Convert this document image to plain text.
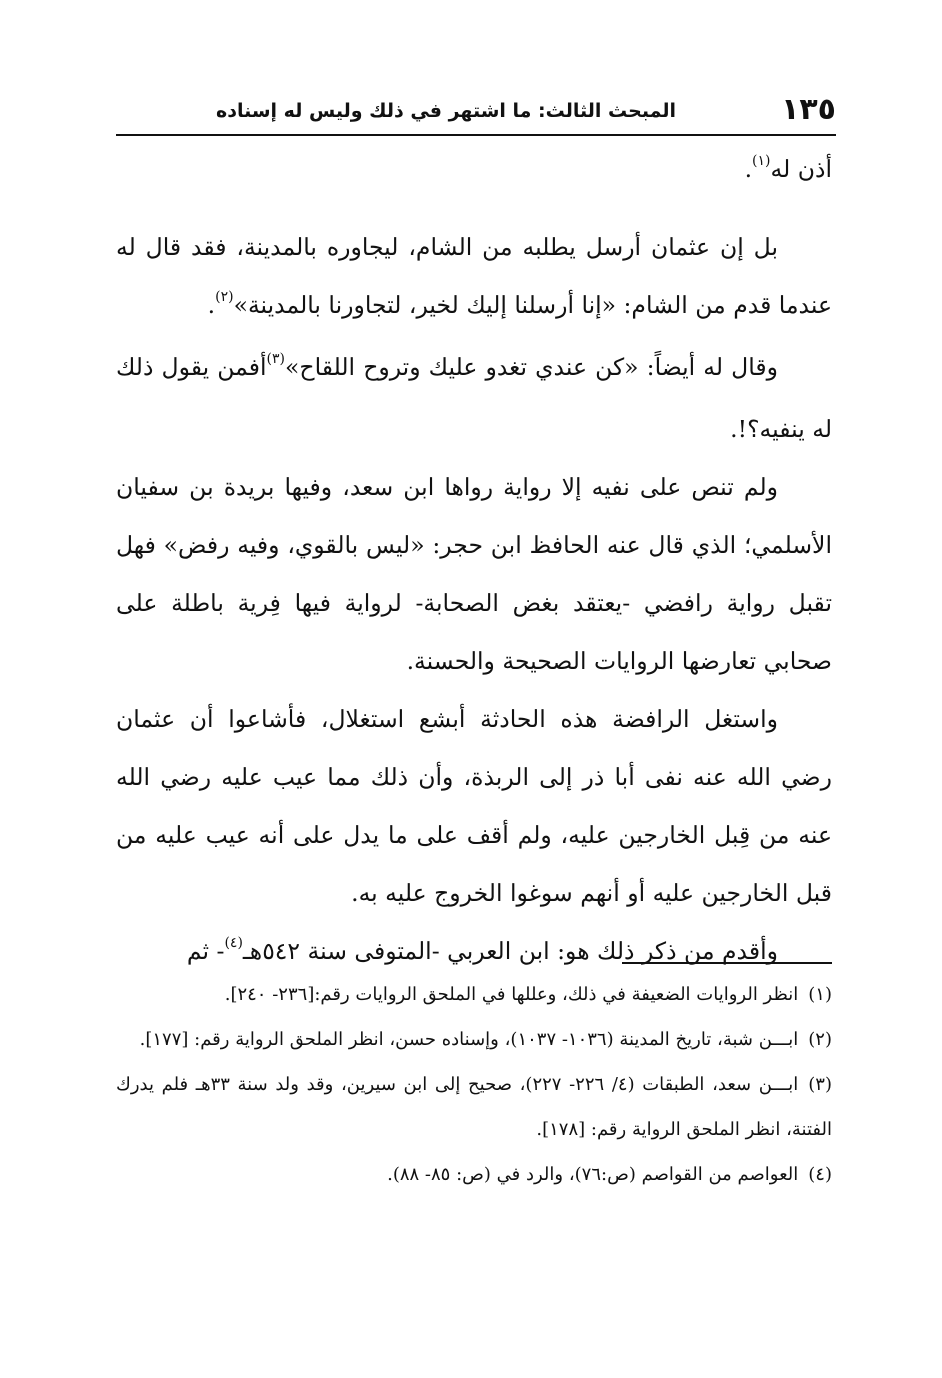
١٣٥
المبحث الثالث: ما اشتهر في ذلك وليس له إسناده

أذن له$^{(١)}$.

بل إن عثمان أرسل يطلبه من الشام، ليجاوره بالمدينة، فقد قال له عندما قدم من الشام: «إنا أرسلنا إليك لخير، لتجاورنا بالمدينة»$^{(٢)}$.

وقال له أيضاً: «كن عندي تغدو عليك وتروح اللقاح»$^{(٣)}$أفمن يقول ذلك له ينفيه؟!.

ولم تنص على نفيه إلا رواية رواها ابن سعد، وفيها بريدة بن سفيان الأسلمي؛ الذي قال عنه الحافظ ابن حجر: «ليس بالقوي، وفيه رفض» فهل تقبل رواية رافضي -يعتقد بغض الصحابة- لرواية فيها فِرية باطلة على صحابي تعارضها الروايات الصحيحة والحسنة.

واستغل الرافضة هذه الحادثة أبشع استغلال، فأشاعوا أن عثمان رضي الله عنه نفى أبا ذر إلى الربذة، وأن ذلك مما عيب عليه رضي الله عنه من قِبل الخارجين عليه، ولم أقف على ما يدل على أنه عيب عليه من قبل الخارجين عليه أو أنهم سوغوا الخروج عليه به.

وأقدم من ذكر ذلك هو: ابن العربي -المتوفى سنة ٥٤٢هـ$^{(٤)}$- ثم

(١)انظر الروايات الضعيفة في ذلك، وعللها في الملحق الروايات رقم:[٢٣٦- ٢٤٠].

(٢)ابـــن شبة، تاريخ المدينة (١٠٣٦- ١٠٣٧)، وإسناده حسن، انظر الملحق الرواية رقم: [١٧٧].

(٣)ابـــن سعد، الطبقات (٤/ ٢٢٦- ٢٢٧)، صحيح إلى ابن سيرين، وقد ولد سنة ٣٣هـ فلم يدرك الفتنة، انظر الملحق الرواية رقم: [١٧٨].

(٤)العواصم من القواصم (ص:٧٦)، والرد في (ص: ٨٥- ٨٨).
